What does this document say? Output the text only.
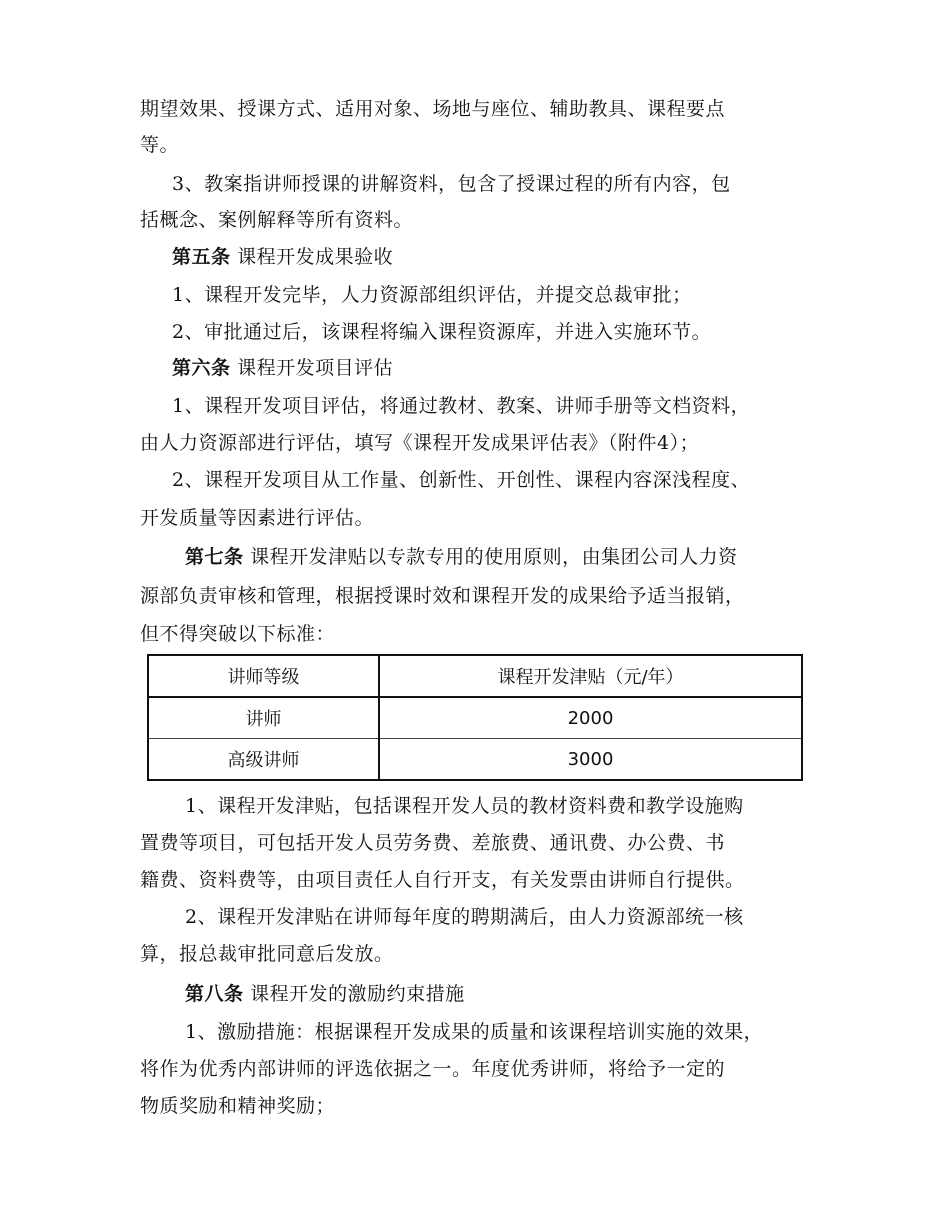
期望效果、授课方式、适用对象、场地与座位、辅助教具、课程要点
等。
3、教案指讲师授课的讲解资料，包含了授课过程的所有内容，包
括概念、案例解释等所有资料。
第五条 课程开发成果验收
1、课程开发完毕，人力资源部组织评估，并提交总裁审批；
2、审批通过后，该课程将编入课程资源库，并进入实施环节。
第六条 课程开发项目评估
1、课程开发项目评估，将通过教材、教案、讲师手册等文档资料，
由人力资源部进行评估，填写《课程开发成果评估表》（附件4）；
2、课程开发项目从工作量、创新性、开创性、课程内容深浅程度、
开发质量等因素进行评估。
第七条 课程开发津贴以专款专用的使用原则，由集团公司人力资
源部负责审核和管理，根据授课时效和课程开发的成果给予适当报销，
但不得突破以下标准：
讲师等级	课程开发津贴（元/年）
讲师	2000
高级讲师	3000
1、课程开发津贴，包括课程开发人员的教材资料费和教学设施购
置费等项目，可包括开发人员劳务费、差旅费、通讯费、办公费、书
籍费、资料费等，由项目责任人自行开支，有关发票由讲师自行提供。
2、课程开发津贴在讲师每年度的聘期满后，由人力资源部统一核
算，报总裁审批同意后发放。
第八条 课程开发的激励约束措施
1、激励措施：根据课程开发成果的质量和该课程培训实施的效果，
将作为优秀内部讲师的评选依据之一。年度优秀讲师，将给予一定的
物质奖励和精神奖励；
